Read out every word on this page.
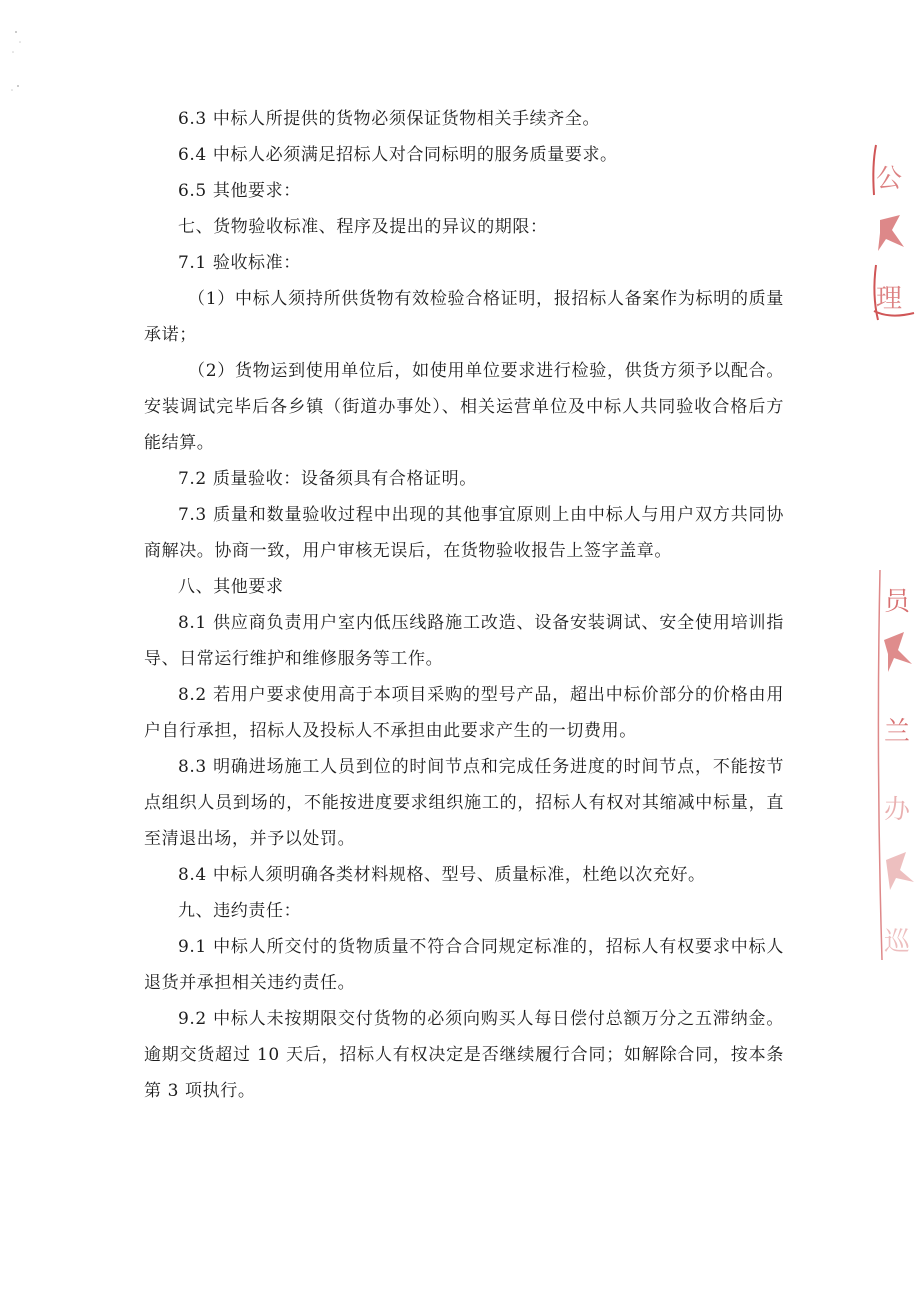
6.3 中标人所提供的货物必须保证货物相关手续齐全。

6.4 中标人必须满足招标人对合同标明的服务质量要求。

6.5 其他要求：

七、货物验收标准、程序及提出的异议的期限：

7.1 验收标准：

（1）中标人须持所供货物有效检验合格证明，报招标人备案作为标明的质量承诺；

（2）货物运到使用单位后，如使用单位要求进行检验，供货方须予以配合。安装调试完毕后各乡镇（街道办事处）、相关运营单位及中标人共同验收合格后方能结算。

7.2 质量验收：设备须具有合格证明。

7.3 质量和数量验收过程中出现的其他事宜原则上由中标人与用户双方共同协商解决。协商一致，用户审核无误后，在货物验收报告上签字盖章。

八、其他要求

8.1 供应商负责用户室内低压线路施工改造、设备安装调试、安全使用培训指导、日常运行维护和维修服务等工作。

8.2 若用户要求使用高于本项目采购的型号产品，超出中标价部分的价格由用户自行承担，招标人及投标人不承担由此要求产生的一切费用。

8.3 明确进场施工人员到位的时间节点和完成任务进度的时间节点，不能按节点组织人员到场的，不能按进度要求组织施工的，招标人有权对其缩减中标量，直至清退出场，并予以处罚。

8.4 中标人须明确各类材料规格、型号、质量标准，杜绝以次充好。

九、违约责任：

9.1 中标人所交付的货物质量不符合合同规定标准的，招标人有权要求中标人退货并承担相关违约责任。

9.2 中标人未按期限交付货物的必须向购买人每日偿付总额万分之五滞纳金。逾期交货超过 10 天后，招标人有权决定是否继续履行合同；如解除合同，按本条第 3 项执行。

公
理
员
兰
办
巡
